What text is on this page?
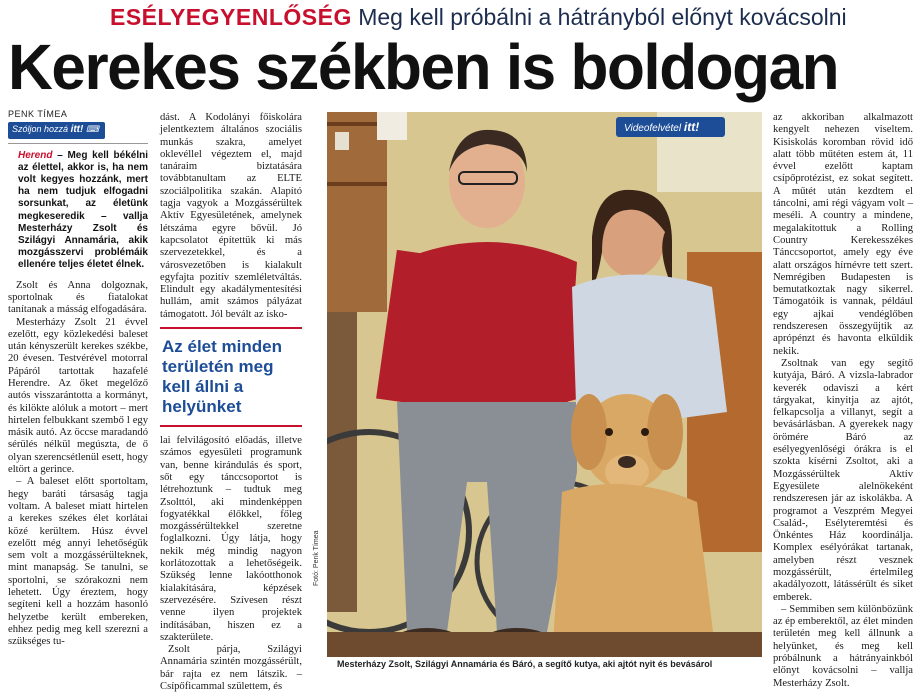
ESÉLYEGYENLŐSÉG Meg kell próbálni a hátrányból előnyt kovácsolni
Kerekes székben is boldogan
PENK TÍMEA
Szóljon hozzá itt! ⌨
Herend – Meg kell békélni az élettel, akkor is, ha nem volt kegyes hozzánk, mert ha nem tudjuk elfogadni sorsunkat, az életünk megkeseredik – vallja Mesterházy Zsolt és Szilágyi Annamária, akik mozgásszervi problémáik ellenére teljes életet élnek.

Zsolt és Anna dolgoznak, sportolnak és fiatalokat tanítanak a másság elfogadására.

Mesterházy Zsolt 21 évvel ezelőtt, egy közlekedési baleset után kényszerült kerekes székbe, 20 évesen. Testvérével motorral Pápáról tartottak hazafelé Herendre. Az őket megelőző autós visszarántotta a kormányt, és kilökte alóluk a motort – mert hirtelen felbukkant szembő l egy másik autó. Az öccse maradandó sérülés nélkül megúszta, de ő olyan szerencsétlenül esett, hogy eltört a gerince.

– A baleset előtt sportoltam, hegy baráti társaság tagja voltam. A baleset miatt hirtelen a kerekes székes élet korlátai közé kerültem. Húsz évvel ezelőtt még annyi lehetőségük sem volt a mozgássérülteknek, mint manapság. Se tanulni, se sportolni, se szórakozni nem lehetett. Úgy éreztem, hogy segíteni kell a hozzám hasonló helyzetbe került embereken, ehhez pedig meg kell szerezni a szükséges tu-

dást. A Kodolányi főiskolára jelentkeztem általános szociális munkás szakra, amelyet oklevéllel végeztem el, majd tanáraim biztatására továbbtanultam az ELTE szociálpolitika szakán. Alapító tagja vagyok a Mozgássérültek Aktív Egyesületének, amelynek létszáma egyre bővül. Jó kapcsolatot építettük ki más szervezetekkel, és a városvezetőben is kialakult egyfajta pozitív szemléletváltás. Elindult egy akadálymentesítési hullám, amit számos pályázat támogatott. Jól bevált az isko-

Az élet minden területén meg kell állni a helyünket

lai felvilágosító előadás, illetve számos egyesületi programunk van, benne kirándulás és sport, sőt egy tánccsoportot is létrehoztunk – tudtuk meg Zsolttól, aki mindenképpen fogyatékkal élőkkel, főleg mozgássérültekkel szeretne foglalkozni. Úgy látja, hogy nekik még mindig nagyon korlátozottak a lehetőségeik. Szükség lenne lakóotthonok kialakítására, képzések szervezésére. Szívesen részt venne ilyen projektek indításában, hiszen ez a szakterülete.

Zsolt párja, Szilágyi Annamária szintén mozgássérült, bár rajta ez nem látszik. – Csípőficammal születtem, és

Videofelvétel itt!
Fotó: Penk Tímea
Mesterházy Zsolt, Szilágyi Annamária és Báró, a segítő kutya, aki ajtót nyit és bevásárol

az akkoriban alkalmazott kengyelt nehezen viseltem. Kisiskolás koromban rövid idő alatt több műtéten estem át, 11 évvel ezelőtt kaptam csípőprotézist, ez sokat segített. A műtét után kezdtem el táncolni, ami régi vágyam volt – meséli. A country a mindene, megalakítottuk a Rolling Country Kerekesszékes Tánccsoportot, amely egy éve alatt országos hírnévre tett szert. Nemrégiben Budapesten is bemutatkoztak nagy sikerrel. Támogatóik is vannak, például egy ajkai vendéglőben rendszeresen összegyűjtik az aprópénzt és havonta elküldik nekik.

Zsoltnak van egy segítő kutyája, Báró. A vizsla-labrador keverék odaviszi a kért tárgyakat, kinyitja az ajtót, felkapcsolja a villanyt, segít a bevásárlásban. A gyerekek nagy örömére Báró az esélyegyenlőségi órákra is el szokta kísérni Zsoltot, aki a Mozgássérültek Aktív Egyesülete alelnökeként rendszeresen jár az iskolákba. A programot a Veszprém Megyei Család-, Esélyteremtési és Önkéntes Ház koordinálja. Komplex esélyórákat tartanak, amelyben részt vesznek mozgássérült, értelmileg akadályozott, látássérült és siket emberek.

– Semmiben sem különbözünk az ép emberektől, az élet minden területén meg kell állnunk a helyünket, és meg kell próbálnunk a hátrányainkból előnyt kovácsolni – vallja Mesterházy Zsolt.
